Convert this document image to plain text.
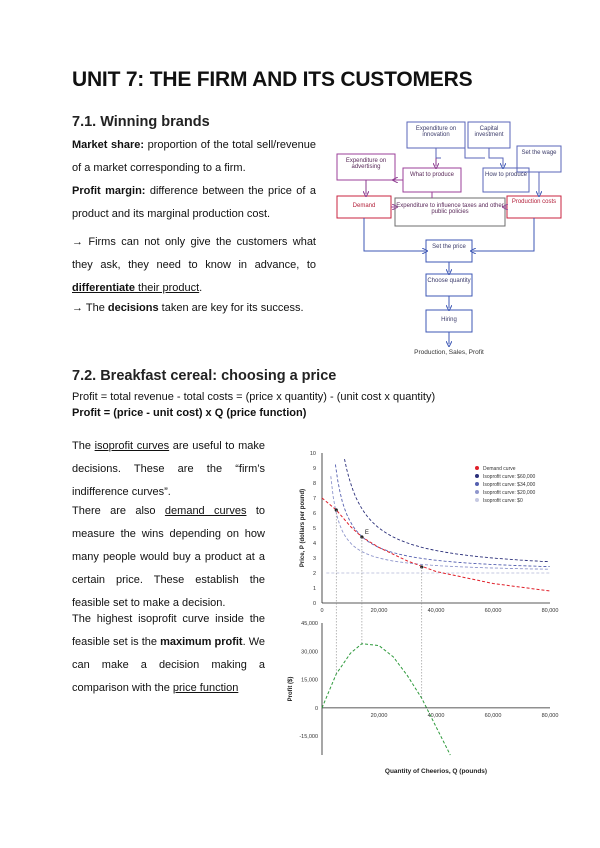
UNIT 7: THE FIRM AND ITS CUSTOMERS
7.1. Winning brands

Market share: proportion of the total sell/revenue of a market corresponding to a firm.

Profit margin: difference between the price of a product and its marginal production cost.

→ Firms can not only give the customers what they ask, they need to know in advance, to differentiate their product.

→ The decisions taken are key for its success.

Expenditure on innovation
Capital investment
Expenditure on advertising
Set the wage
What to produce	How to produce
Demand	Expenditure to influence taxes and other public policies
Production costs
Set the price
Choose quantity
Hiring
Production, Sales, Profit
7.2. Breakfast cereal: choosing a price

Profit = total revenue - total costs = (price x quantity) - (unit cost x quantity)

Profit = (price - unit cost) x Q (price function)

The isoprofit curves are useful to make decisions. These are the “firm’s indifference curves”.

There are also demand curves to measure the wins depending on how many people would buy a product at a certain price. These establish the feasible set to make a decision.

The highest isoprofit curve inside the feasible set is the maximum profit. We can make a decision making a comparison with the price function

0
1
2
3
4
5
6
7
8
9
10
0	20,000	40,000	60,000	80,000
Price, P (dollars per pound)	E
Demand curve
Isoprofit curve: $60,000
Isoprofit curve: $34,000
Isoprofit curve: $20,000
Isoprofit curve: $0
45,000
30,000
15,000
0
-15,000
20,000	40,000	60,000	80,000
Profit ($)
Quantity of Cheerios, Q (pounds)
